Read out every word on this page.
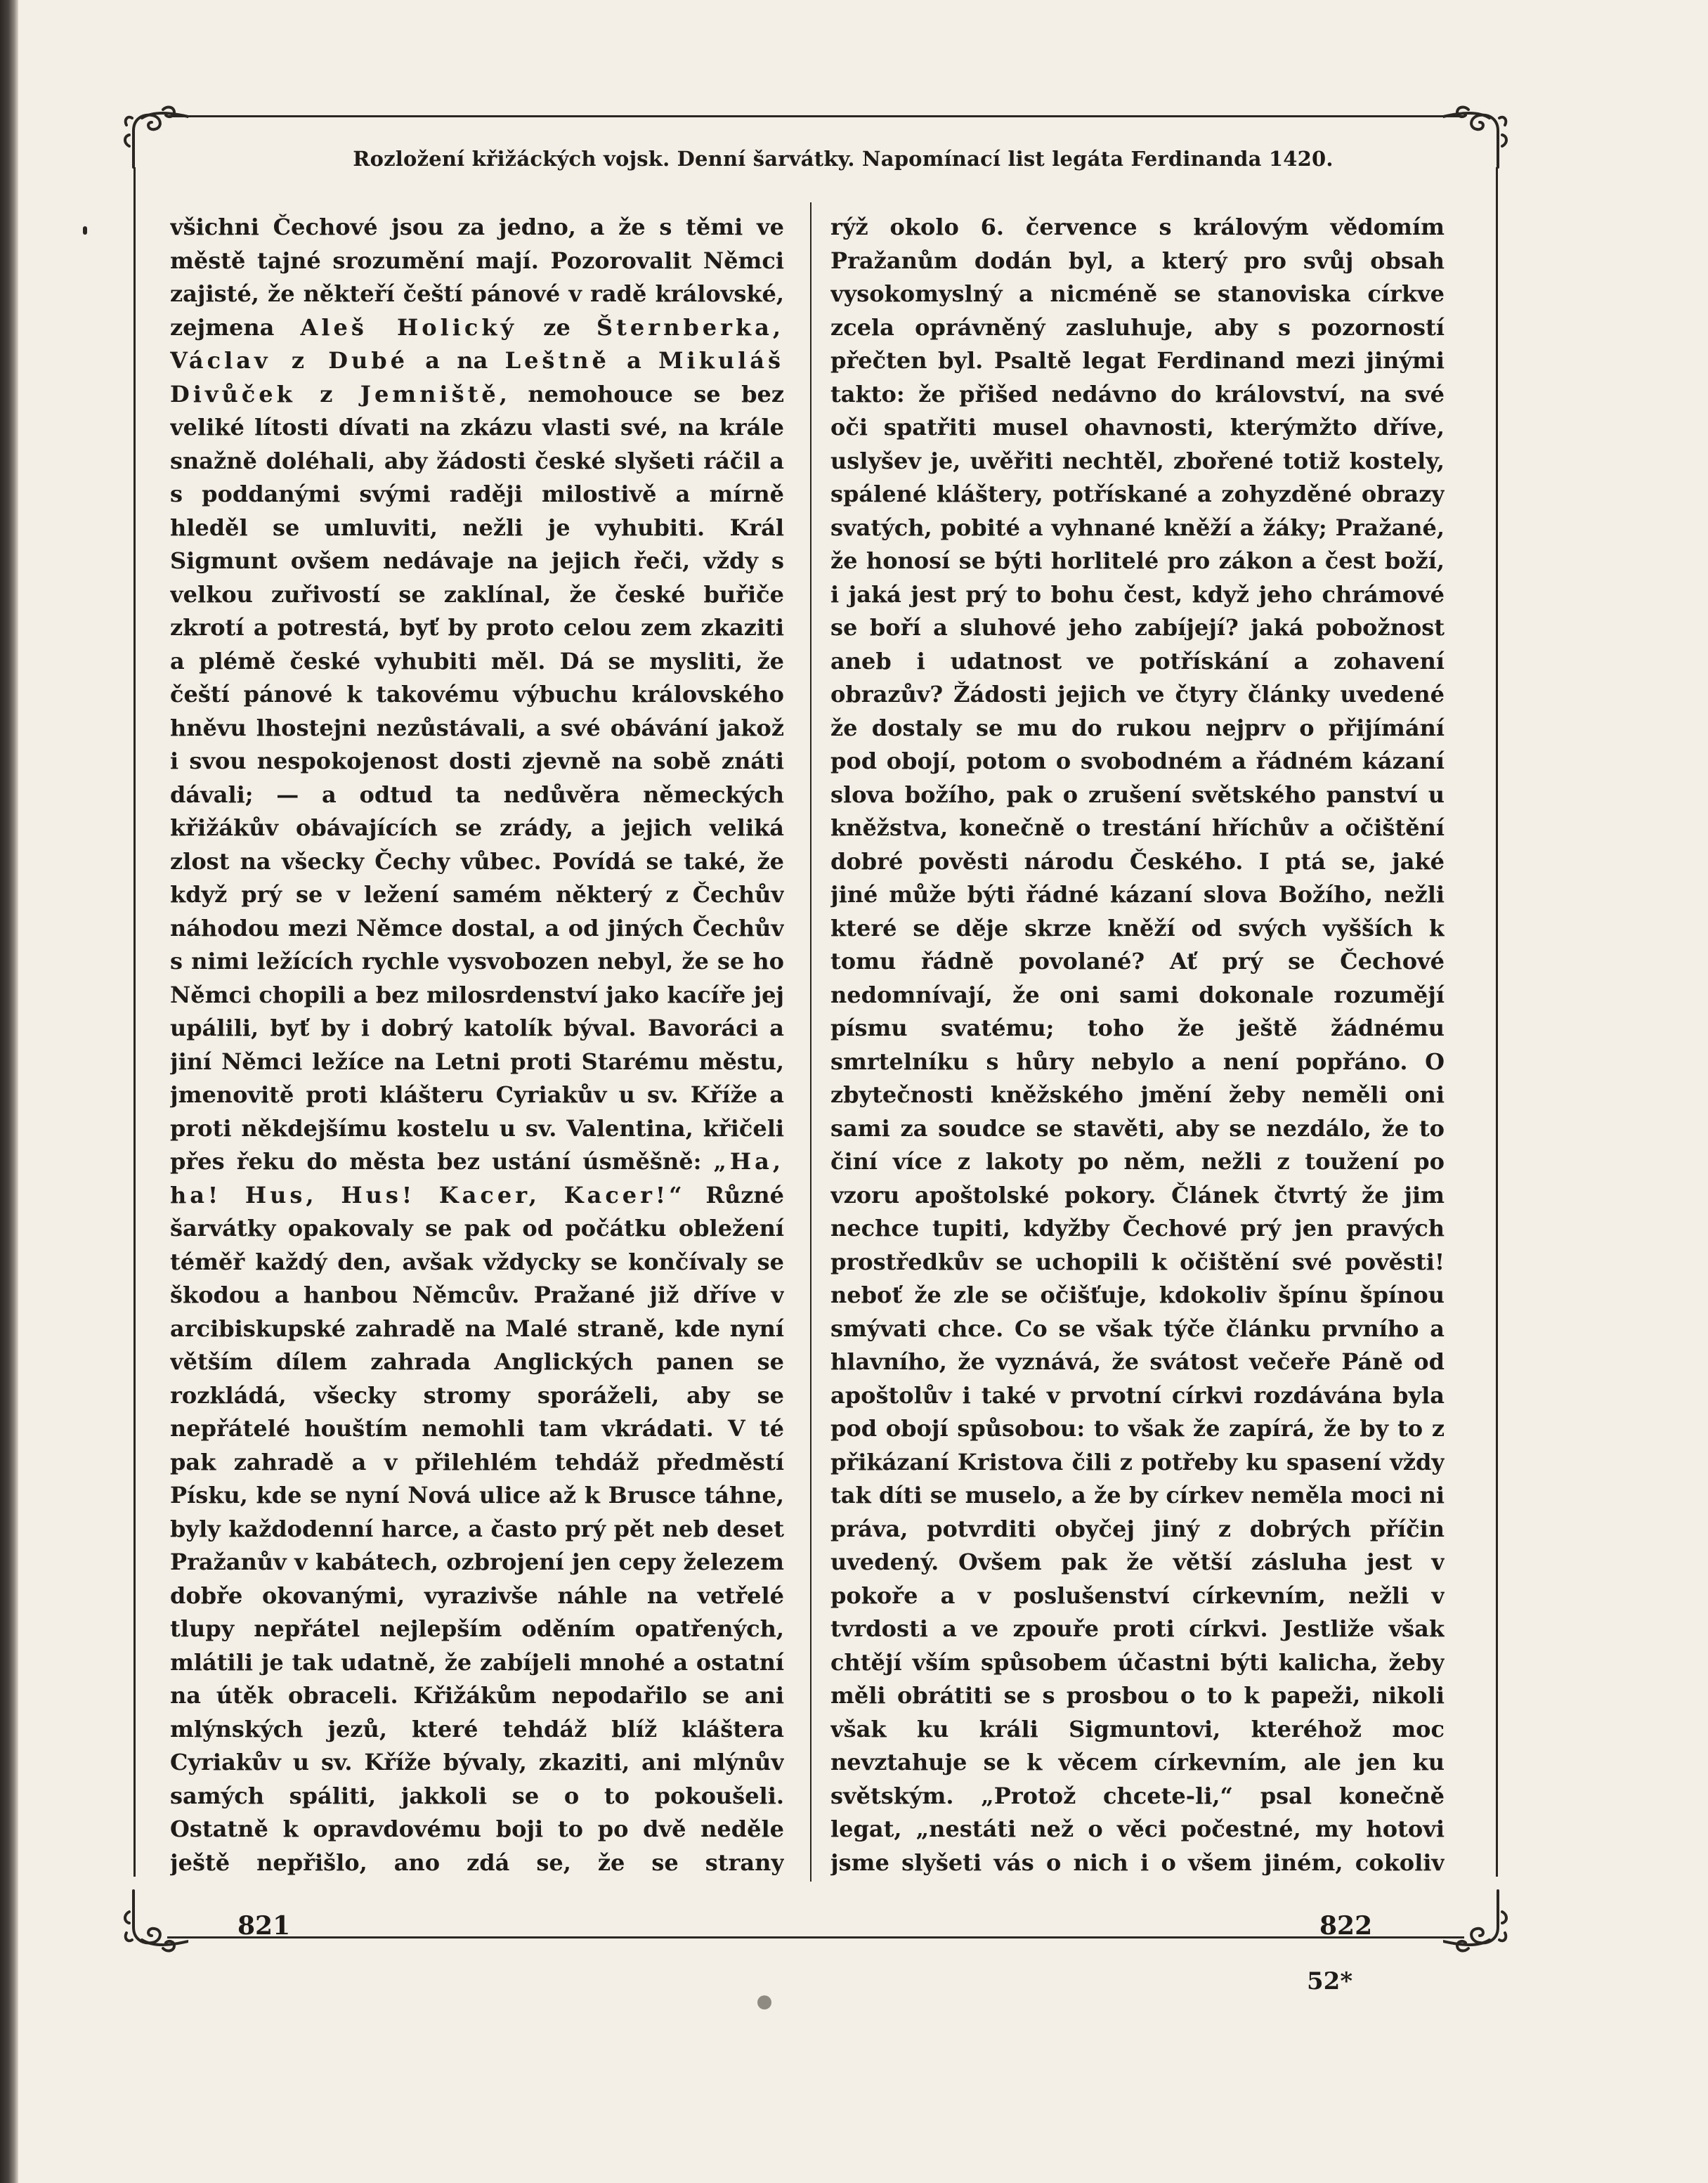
Rozložení křižáckých vojsk. Denní šarvátky. Napomínací list legáta Ferdinanda 1420.

všichni Čechové jsou za jedno, a že s těmi ve městě tajné srozumění mají. Pozorovalit Němci zajisté, že někteří čeští pánové v radě královské, zejmena Aleš Holický ze Šternberka, Václav z Dubé a na Leštně a Mikuláš Divůček z Jemniště, nemohouce se bez veliké lítosti dívati na zkázu vlasti své, na krále snažně doléhali, aby žádosti české slyšeti ráčil a s poddanými svými raději milostivě a mírně hleděl se umluviti, nežli je vyhubiti. Král Sigmunt ovšem nedávaje na jejich řeči, vždy s velkou zuřivostí se zaklínal, že české buřiče zkrotí a potrestá, byť by proto celou zem zkaziti a plémě české vyhubiti měl. Dá se mysliti, že čeští pánové k takovému výbuchu královského hněvu lhostejni nezůstávali, a své obávání jakož i svou nespokojenost dosti zjevně na sobě znáti dávali; — a odtud ta nedůvěra německých křižákův obávajících se zrády, a jejich veliká zlost na všecky Čechy vůbec. Povídá se také, že když prý se v ležení samém některý z Čechův náhodou mezi Němce dostal, a od jiných Čechův s nimi ležících rychle vysvobozen nebyl, že se ho Němci chopili a bez milosrdenství jako kacíře jej upálili, byť by i dobrý katolík býval. Bavoráci a jiní Němci ležíce na Letni proti Starému městu, jmenovitě proti klášteru Cyriakův u sv. Kříže a proti někdejšímu kostelu u sv. Valentina, křičeli přes řeku do města bez ustání úsměšně: „Ha, ha! Hus, Hus! Kacer, Kacer!“ Různé šarvátky opakovaly se pak od počátku obležení téměř každý den, avšak vždycky se končívaly se škodou a hanbou Němcův. Pražané již dříve v arcibiskupské zahradě na Malé straně, kde nyní větším dílem zahrada Anglických panen se rozkládá, všecky stromy sporáželi, aby se nepřátelé houštím nemohli tam vkrádati. V té pak zahradě a v přilehlém tehdáž předměstí Písku, kde se nyní Nová ulice až k Brusce táhne, byly každodenní harce, a často prý pět neb deset Pražanův v kabátech, ozbrojení jen cepy železem dobře okovanými, vyrazivše náhle na vetřelé tlupy nepřátel nejlepším oděním opatřených, mlátili je tak udatně, že zabíjeli mnohé a ostatní na útěk obraceli. Křižákům nepodařilo se ani mlýnských jezů, které tehdáž blíž kláštera Cyriakův u sv. Kříže bývaly, zkaziti, ani mlýnův samých spáliti, jakkoli se o to pokoušeli. Ostatně k opravdovému boji to po dvě neděle ještě nepřišlo, ano zdá se, že se strany

rýž okolo 6. července s královým vědomím Pražanům dodán byl, a který pro svůj obsah vysokomyslný a nicméně se stanoviska církve zcela oprávněný zasluhuje, aby s pozorností přečten byl. Psaltě legat Ferdinand mezi jinými takto: že přišed nedávno do království, na své oči spatřiti musel ohavnosti, kterýmžto dříve, uslyšev je, uvěřiti nechtěl, zbořené totiž kostely, spálené kláštery, potřískané a zohyzděné obrazy svatých, pobité a vyhnané kněží a žáky; Pražané, že honosí se býti horlitelé pro zákon a čest boží, i jaká jest prý to bohu čest, když jeho chrámové se boří a sluhové jeho zabíjejí? jaká pobožnost aneb i udatnost ve potřískání a zohavení obrazův? Žádosti jejich ve čtyry články uvedené že dostaly se mu do rukou nejprv o přijímání pod obojí, potom o svobodném a řádném kázaní slova božího, pak o zrušení světského panství u kněžstva, konečně o trestání hříchův a očištění dobré pověsti národu Českého. I ptá se, jaké jiné může býti řádné kázaní slova Božího, nežli které se děje skrze kněží od svých vyšších k tomu řádně povolané? Ať prý se Čechové nedomnívají, že oni sami dokonale rozumějí písmu svatému; toho že ještě žádnému smrtelníku s hůry nebylo a není popřáno. O zbytečnosti kněžského jmění žeby neměli oni sami za soudce se stavěti, aby se nezdálo, že to činí více z lakoty po něm, nežli z toužení po vzoru apoštolské pokory. Článek čtvrtý že jim nechce tupiti, kdyžby Čechové prý jen pravých prostředkův se uchopili k očištění své pověsti! neboť že zle se očišťuje, kdokoliv špínu špínou smývati chce. Co se však týče článku prvního a hlavního, že vyznává, že svátost večeře Páně od apoštolův i také v prvotní církvi rozdávána byla pod obojí spůsobou: to však že zapírá, že by to z přikázaní Kristova čili z potřeby ku spasení vždy tak díti se muselo, a že by církev neměla moci ni práva, potvrditi obyčej jiný z dobrých příčin uvedený. Ovšem pak že větší zásluha jest v pokoře a v poslušenství církevním, nežli v tvrdosti a ve zpouře proti církvi. Jestliže však chtějí vším spůsobem účastni býti kalicha, žeby měli obrátiti se s prosbou o to k papeži, nikoli však ku králi Sigmuntovi, kteréhož moc nevztahuje se k věcem církevním, ale jen ku světským. „Protož chcete-li,“ psal konečně legat, „nestáti než o věci počestné, my hotovi jsme slyšeti vás o nich i o všem jiném, cokoliv

821	822
52*
